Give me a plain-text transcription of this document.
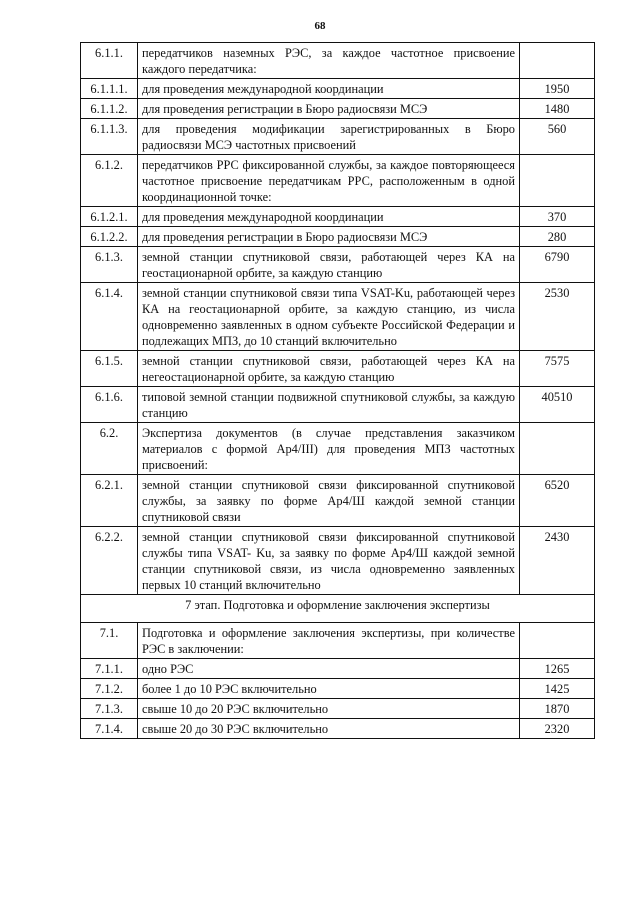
68
6.1.1.	передатчиков наземных РЭС, за каждое частотное присвоение каждого передатчика:	
6.1.1.1.	для проведения международной координации	1950
6.1.1.2.	для проведения регистрации в Бюро радиосвязи МСЭ	1480
6.1.1.3.	для проведения модификации зарегистрированных в Бюро радиосвязи МСЭ частотных присвоений	560
6.1.2.	передатчиков РРС фиксированной службы, за каждое повторяющееся частотное присвоение передатчикам РРС, расположенным в одной координационной точке:	
6.1.2.1.	для проведения международной координации	370
6.1.2.2.	для проведения регистрации в Бюро радиосвязи МСЭ	280
6.1.3.	земной станции спутниковой связи, работающей через КА на геостационарной орбите, за каждую станцию	6790
6.1.4.	земной станции спутниковой связи типа VSAT-Ku, работающей через КА на геостационарной орбите, за каждую станцию, из числа одновременно заявленных в одном субъекте Российской Федерации и подлежащих МПЗ, до 10 станций включительно	2530
6.1.5.	земной станции спутниковой связи, работающей через КА на негеостационарной орбите, за каждую станцию	7575
6.1.6.	типовой земной станции подвижной спутниковой службы, за каждую станцию	40510
6.2.	Экспертиза документов (в случае представления заказчиком материалов с формой Ар4/III) для проведения МПЗ частотных присвоений:	
6.2.1.	земной станции спутниковой связи фиксированной спутниковой службы, за заявку по форме Ар4/Ш каждой земной станции спутниковой связи	6520
6.2.2.	земной станции спутниковой связи фиксированной спутниковой службы типа VSAT- Ku, за заявку по форме Ар4/Ш каждой земной станции спутниковой связи, из числа одновременно заявленных первых 10 станций включительно	2430
7 этап. Подготовка и оформление заключения экспертизы		
7.1.	Подготовка и оформление заключения экспертизы, при количестве РЭС в заключении:	
7.1.1.	одно РЭС	1265
7.1.2.	более 1 до 10 РЭС включительно	1425
7.1.3.	свыше 10 до 20 РЭС включительно	1870
7.1.4.	свыше 20 до 30 РЭС включительно	2320
